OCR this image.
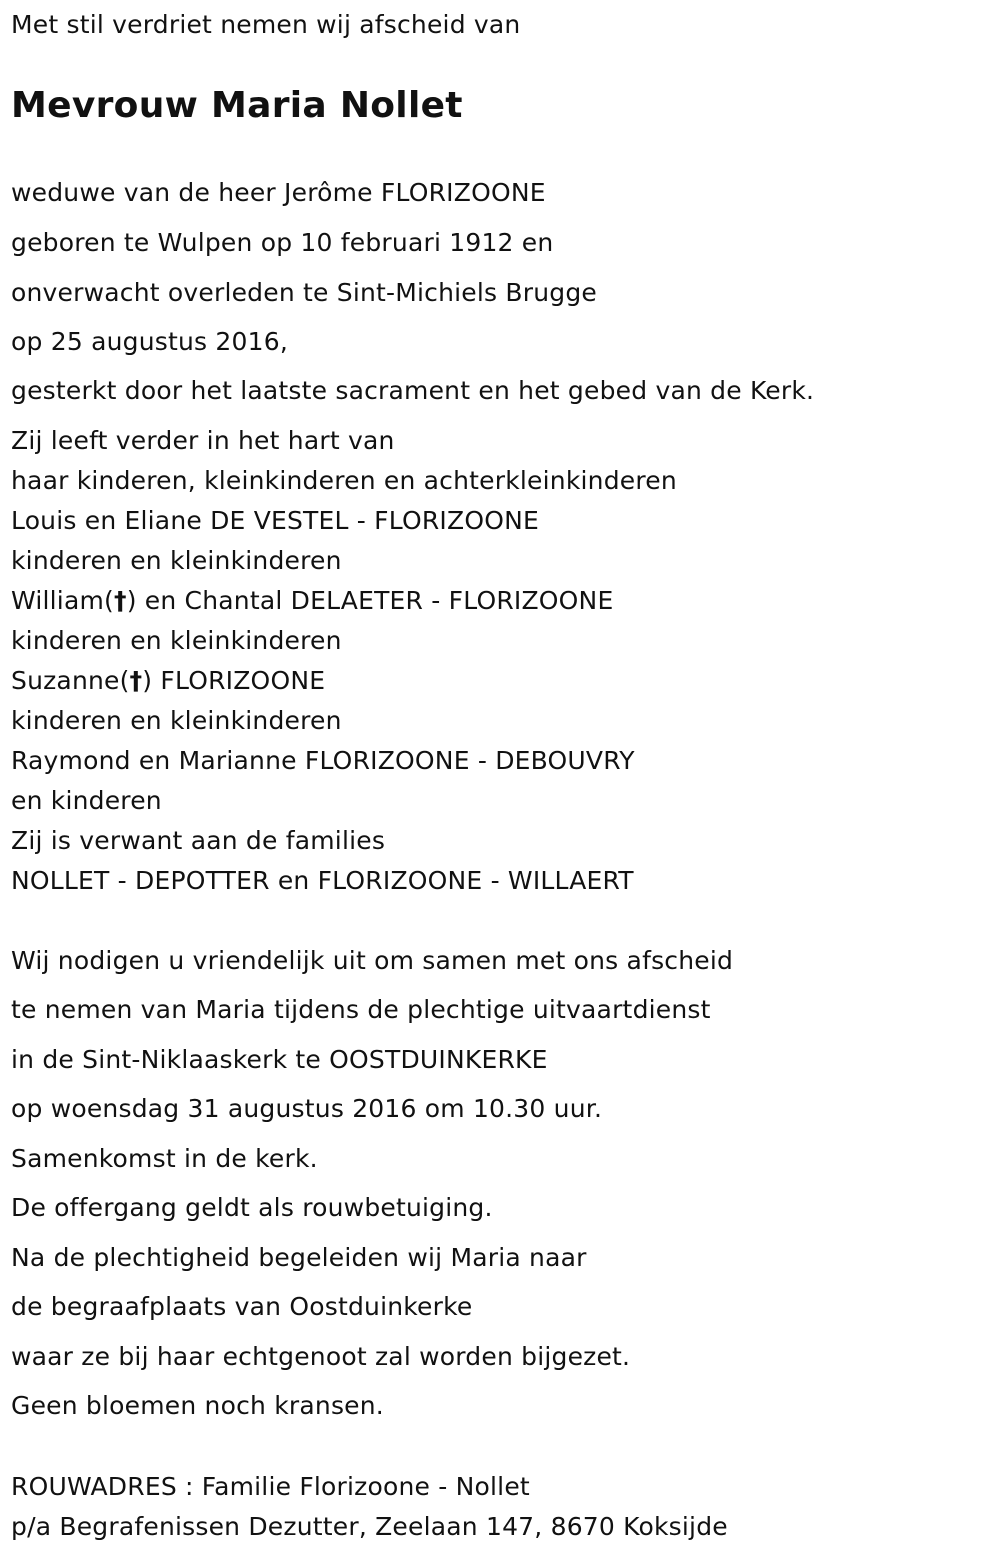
Met stil verdriet nemen wij afscheid van
Mevrouw Maria Nollet
weduwe van de heer Jerôme FLORIZOONE
geboren te Wulpen op 10 februari 1912 en
onverwacht overleden te Sint-Michiels Brugge
op 25 augustus 2016,
gesterkt door het laatste sacrament en het gebed van de Kerk.
Zij leeft verder in het hart van
haar kinderen, kleinkinderen en achterkleinkinderen
Louis en Eliane DE VESTEL - FLORIZOONE
kinderen en kleinkinderen
William(†) en Chantal DELAETER - FLORIZOONE
kinderen en kleinkinderen
Suzanne(†) FLORIZOONE
kinderen en kleinkinderen
Raymond en Marianne FLORIZOONE - DEBOUVRY
en kinderen
Zij is verwant aan de families
NOLLET - DEPOTTER en FLORIZOONE - WILLAERT
Wij nodigen u vriendelijk uit om samen met ons afscheid
te nemen van Maria tijdens de plechtige uitvaartdienst
in de Sint-Niklaaskerk te OOSTDUINKERKE
op woensdag 31 augustus 2016 om 10.30 uur.
Samenkomst in de kerk.
De offergang geldt als rouwbetuiging.
Na de plechtigheid begeleiden wij Maria naar
de begraafplaats van Oostduinkerke
waar ze bij haar echtgenoot zal worden bijgezet.
Geen bloemen noch kransen.
ROUWADRES : Familie Florizoone - Nollet
p/a Begrafenissen Dezutter, Zeelaan 147, 8670 Koksijde
